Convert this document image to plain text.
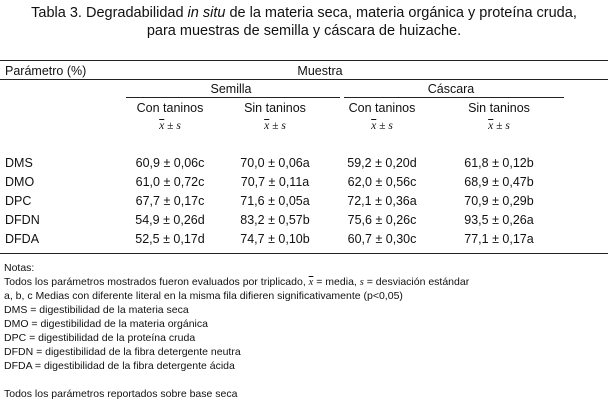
Tabla 3. Degradabilidad in situ de la materia seca, materia orgánica y proteína cruda,
para muestras de semilla y cáscara de huizache.
Parámetro (%)	Muestra
Semilla	Cáscara
Con taninos	Sin taninos	Con taninos	Sin taninos
$\overline{x} \pm s$	$\overline{x} \pm s$	$\overline{x} \pm s$	$\overline{x} \pm s$
DMS	60,9 ± 0,06c	70,0 ± 0,06a	59,2 ± 0,20d	61,8 ± 0,12b
DMO	61,0 ± 0,72c	70,7 ± 0,11a	62,0 ± 0,56c	68,9 ± 0,47b
DPC	67,7 ± 0,17c	71,6 ± 0,05a	72,1 ± 0,36a	70,9 ± 0,29b
DFDN	54,9 ± 0,26d	83,2 ± 0,57b	75,6 ± 0,26c	93,5 ± 0,26a
DFDA	52,5 ± 0,17d	74,7 ± 0,10b	60,7 ± 0,30c	77,1 ± 0,17a
Notas:
Todos los parámetros mostrados fueron evaluados por triplicado, $\overline{x}$ = media, s = desviación estándar
a, b, c Medias con diferente literal en la misma fila difieren significativamente (p<0,05)
DMS = digestibilidad de la materia seca
DMO = digestibilidad de la materia orgánica
DPC = digestibilidad de la proteína cruda
DFDN = digestibilidad de la fibra detergente neutra
DFDA = digestibilidad de la fibra detergente ácida
Todos los parámetros reportados sobre base seca
